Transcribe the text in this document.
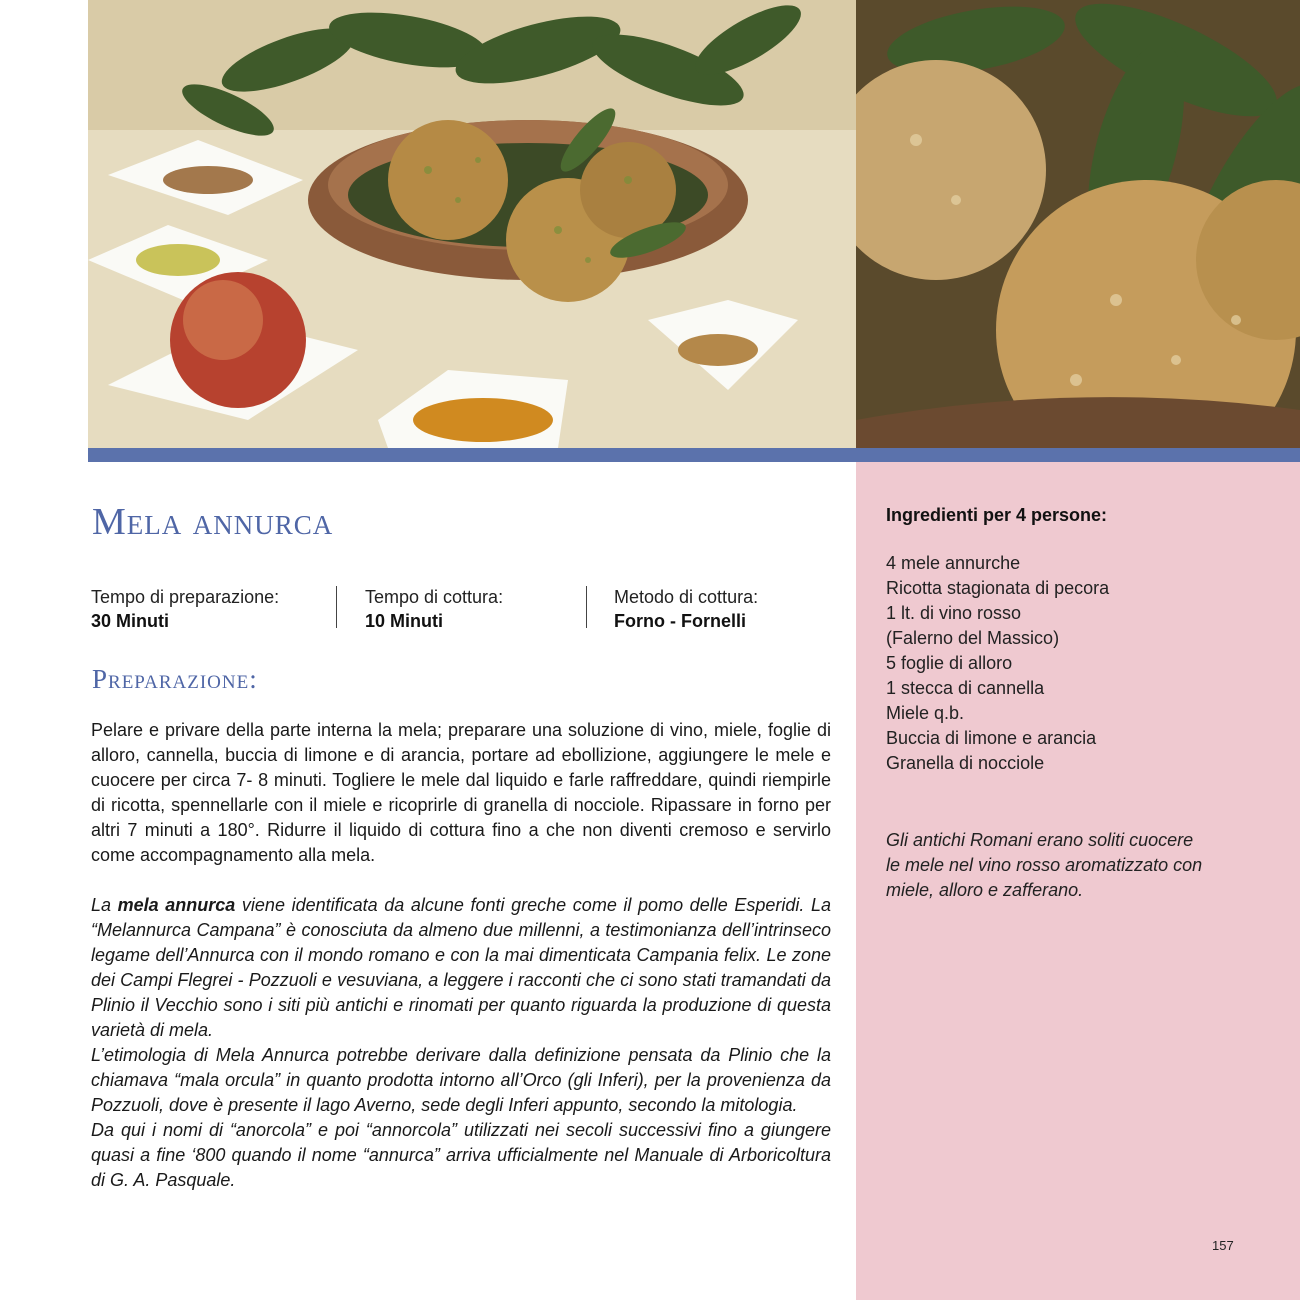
Mela annurca
Tempo di preparazione:
30 Minuti
Tempo di cottura:
10 Minuti
Metodo di cottura:
Forno - Fornelli
Preparazione:

Pelare e privare della parte interna la mela; preparare una soluzione di vino, miele, foglie di alloro, cannella, buccia di limone e di arancia, portare ad ebollizione, aggiungere le mele e cuocere per circa 7- 8 minuti. Togliere le mele dal liquido e farle raffreddare, quindi riempirle di ricotta, spennellarle con il miele e ricoprirle di granella di nocciole. Ripassare in forno per altri 7 minuti a 180°. Ridurre il liquido di cottura fino a che non diventi cremoso e servirlo come accompagnamento alla mela.

La mela annurca viene identificata da alcune fonti greche come il pomo delle Esperidi. La “Melannurca Campana” è conosciuta da almeno due millenni, a testimonianza dell’intrinseco legame dell’Annurca con il mondo romano e con la mai dimenticata Campania felix. Le zone dei Campi Flegrei - Pozzuoli e vesuviana, a leggere i racconti che ci sono stati tramandati da Plinio il Vecchio sono i siti più antichi e rinomati per quanto riguarda la produzione di questa varietà di mela.
L’etimologia di Mela Annurca potrebbe derivare dalla definizione pensata da Plinio che la chiamava “mala orcula” in quanto prodotta intorno all’Orco (gli Inferi), per la provenienza da Pozzuoli, dove è presente il lago Averno, sede degli Inferi appunto, secondo la mitologia.
Da qui i nomi di “anorcola” e poi “annorcola” utilizzati nei secoli successivi fino a giungere quasi a fine ‘800 quando il nome “annurca” arriva ufficialmente nel Manuale di Arboricoltura di G. A. Pasquale.
Ingredienti per 4 persone:
4 mele annurche
Ricotta stagionata di pecora
1 lt. di vino rosso
(Falerno del Massico)
5 foglie di alloro
1 stecca di cannella
Miele q.b.
Buccia di limone e arancia
Granella di nocciole

Gli antichi Romani erano soliti cuocere le mele nel vino rosso aromatizzato con miele, alloro e zafferano.

157
